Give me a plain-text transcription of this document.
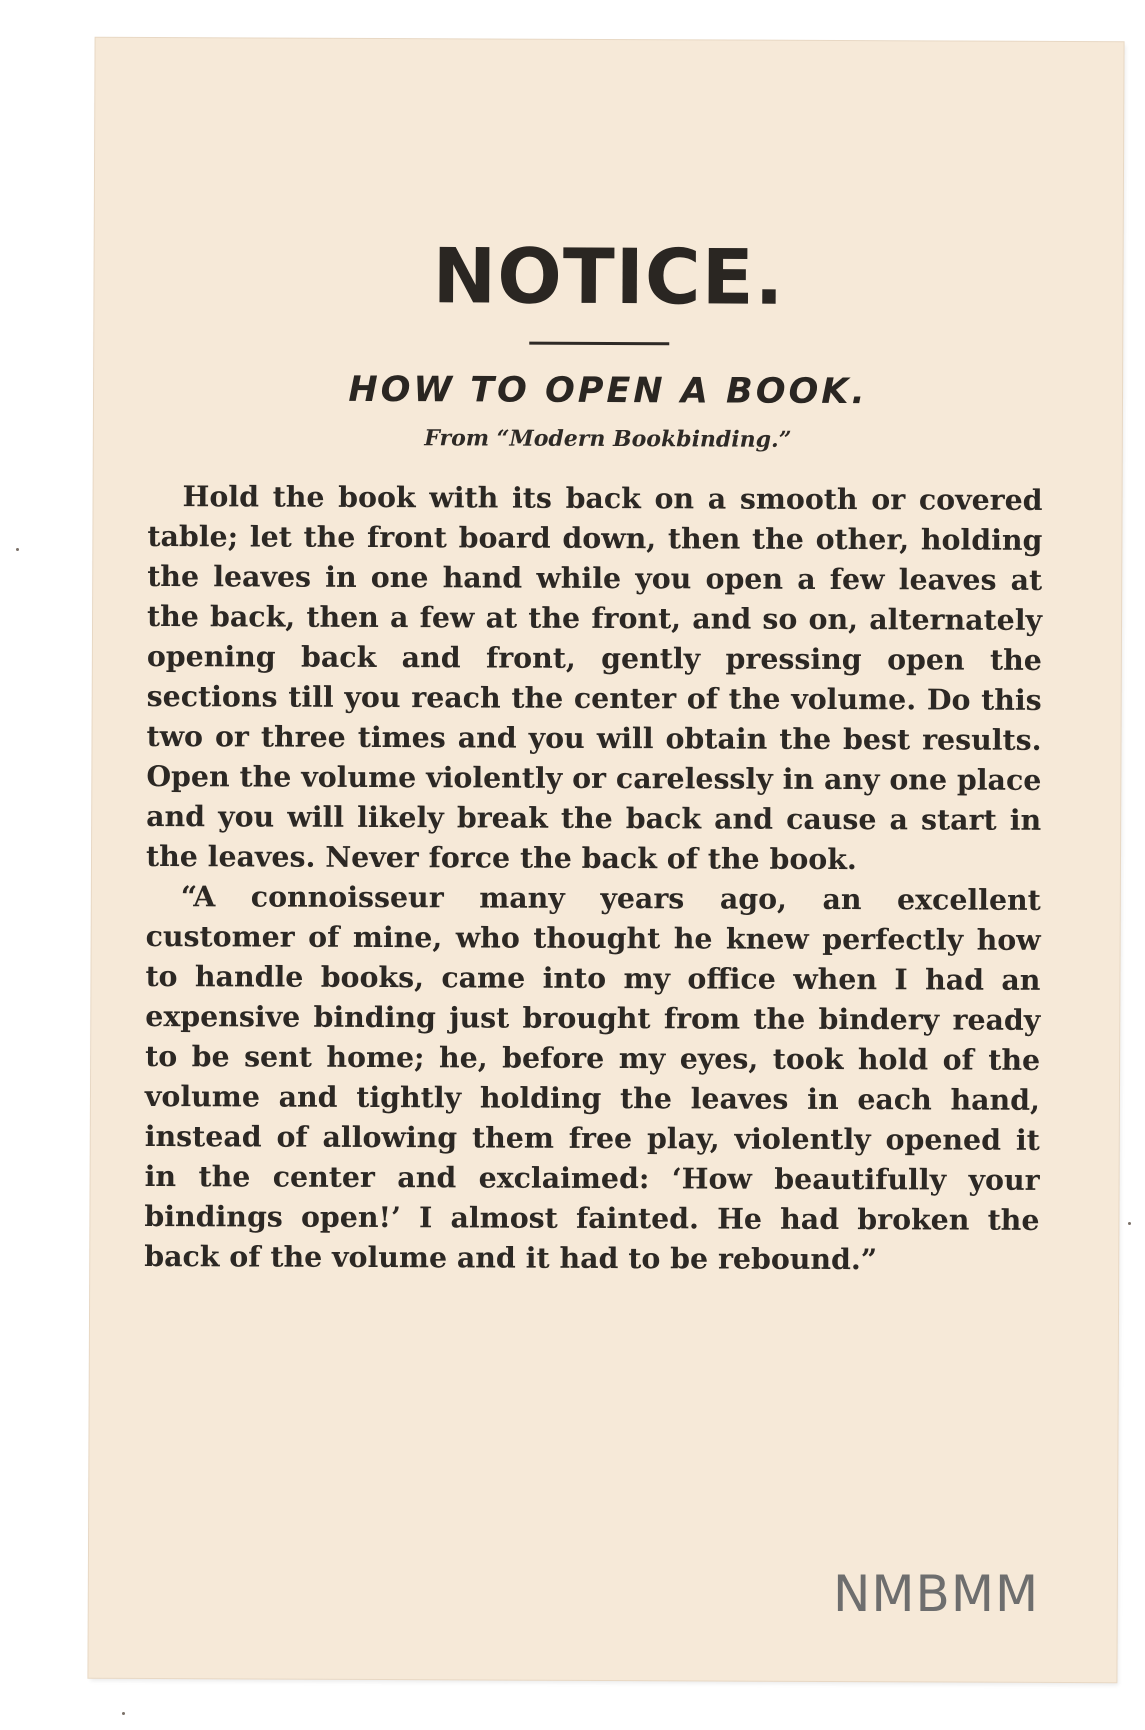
NOTICE.
HOW TO OPEN A BOOK.
From “Modern Bookbinding.”

Hold the book with its back on a smooth or covered table; let the front board down, then the other, holding the leaves in one hand while you open a few leaves at the back, then a few at the front, and so on, alternately opening back and front, gently pressing open the sections till you reach the center of the volume. Do this two or three times and you will obtain the best results. Open the volume violently or carelessly in any one place and you will likely break the back and cause a start in the leaves. Never force the back of the book.

“A connoisseur many years ago, an excellent customer of mine, who thought he knew perfectly how to handle books, came into my office when I had an expensive binding just brought from the bindery ready to be sent home; he, before my eyes, took hold of the volume and tightly holding the leaves in each hand, instead of allowing them free play, violently opened it in the center and exclaimed: ‘How beautifully your bindings open!’ I almost fainted. He had broken the back of the volume and it had to be rebound.”

NMBMM
